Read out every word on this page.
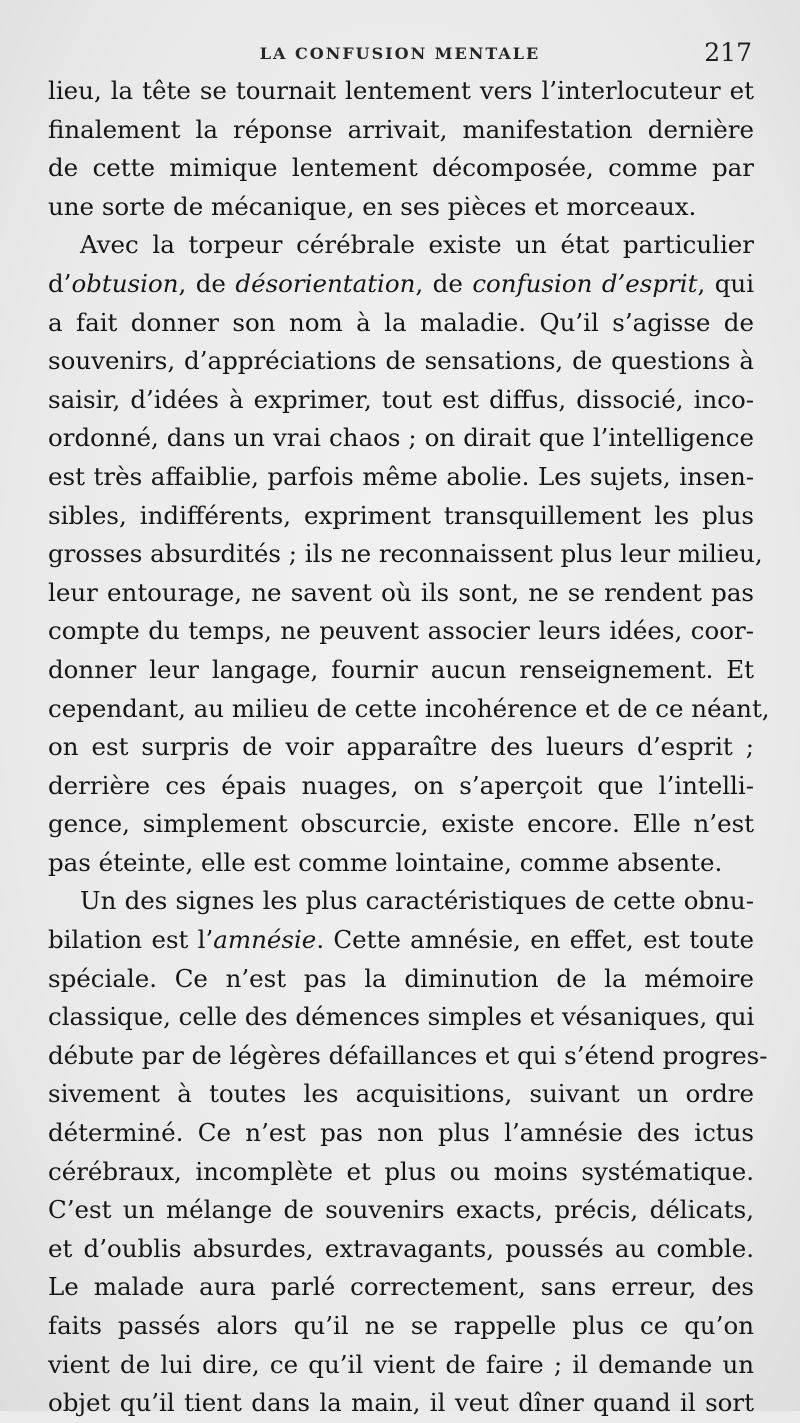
LA CONFUSION MENTALE	217
lieu, la tête se tournait lentement vers l’interlocuteur et
finalement la réponse arrivait, manifestation dernière
de cette mimique lentement décomposée, comme par
une sorte de mécanique, en ses pièces et morceaux.
Avec la torpeur cérébrale existe un état particulier
d’obtusion, de désorientation, de confusion d’esprit, qui
a fait donner son nom à la maladie. Qu’il s’agisse de
souvenirs, d’appréciations de sensations, de questions à
saisir, d’idées à exprimer, tout est diffus, dissocié, inco-
ordonné, dans un vrai chaos ; on dirait que l’intelligence
est très affaiblie, parfois même abolie. Les sujets, insen-
sibles, indifférents, expriment transquillement les plus
grosses absurdités ; ils ne reconnaissent plus leur milieu,
leur entourage, ne savent où ils sont, ne se rendent pas
compte du temps, ne peuvent associer leurs idées, coor-
donner leur langage, fournir aucun renseignement. Et
cependant, au milieu de cette incohérence et de ce néant,
on est surpris de voir apparaître des lueurs d’esprit ;
derrière ces épais nuages, on s’aperçoit que l’intelli-
gence, simplement obscurcie, existe encore. Elle n’est
pas éteinte, elle est comme lointaine, comme absente.
Un des signes les plus caractéristiques de cette obnu-
bilation est l’amnésie. Cette amnésie, en effet, est toute
spéciale. Ce n’est pas la diminution de la mémoire
classique, celle des démences simples et vésaniques, qui
débute par de légères défaillances et qui s’étend progres-
sivement à toutes les acquisitions, suivant un ordre
déterminé. Ce n’est pas non plus l’amnésie des ictus
cérébraux, incomplète et plus ou moins systématique.
C’est un mélange de souvenirs exacts, précis, délicats,
et d’oublis absurdes, extravagants, poussés au comble.
Le malade aura parlé correctement, sans erreur, des
faits passés alors qu’il ne se rappelle plus ce qu’on
vient de lui dire, ce qu’il vient de faire ; il demande un
objet qu’il tient dans la main, il veut dîner quand il sort
